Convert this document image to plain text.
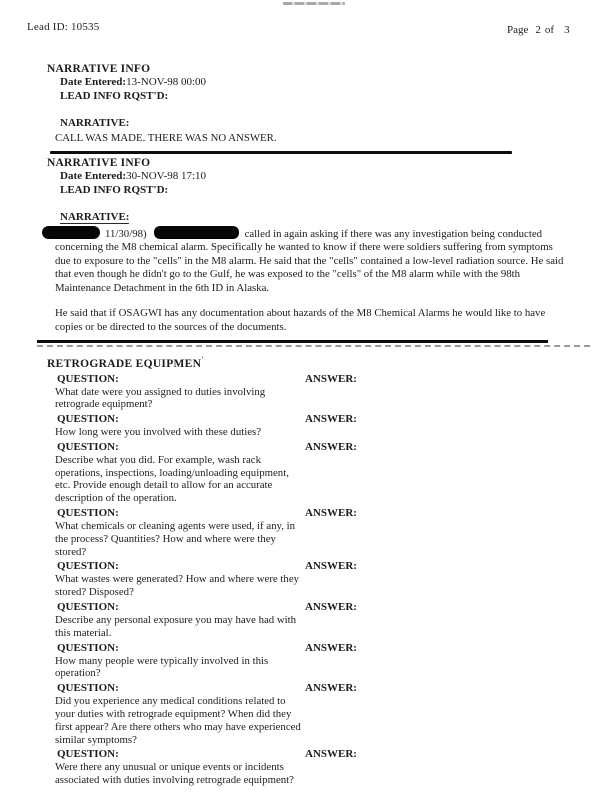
Lead ID: 10535	Page 2 of 3
NARRATIVE INFO
Date Entered:13-NOV-98 00:00
LEAD INFO RQST'D:
NARRATIVE:
CALL WAS MADE. THERE WAS NO ANSWER.
NARRATIVE INFO
Date Entered:30-NOV-98 17:10
LEAD INFO RQST'D:
NARRATIVE:
11/30/98)	called in again asking if there was any investigation being conducted concerning the M8 chemical alarm. Specifically he wanted to know if there were soldiers suffering from symptoms due to exposure to the "cells" in the M8 alarm. He said that the "cells" contained a low-level radiation source. He said that even though he didn't go to the Gulf, he was exposed to the "cells" of the M8 alarm while with the 98th Maintenance Detachment in the 6th ID in Alaska.
He said that if OSAGWI has any documentation about hazards of the M8 Chemical Alarms he would like to have copies or be directed to the sources of the documents.
RETROGRADE EQUIPMEN'
QUESTION:
What date were you assigned to duties involving retrograde equipment?
ANSWER:
QUESTION:
How long were you involved with these duties?
ANSWER:
QUESTION:
Describe what you did. For example, wash rack operations, inspections, loading/unloading equipment, etc. Provide enough detail to allow for an accurate description of the operation.
ANSWER:
QUESTION:
What chemicals or cleaning agents were used, if any, in the process? Quantities? How and where were they stored?
ANSWER:
QUESTION:
What wastes were generated? How and where were they stored? Disposed?
ANSWER:
QUESTION:
Describe any personal exposure you may have had with this material.
ANSWER:
QUESTION:
How many people were typically involved in this operation?
ANSWER:
QUESTION:
Did you experience any medical conditions related to your duties with retrograde equipment? When did they first appear? Are there others who may have experienced similar symptoms?
ANSWER:
QUESTION:
Were there any unusual or unique events or incidents associated with duties involving retrograde equipment?
ANSWER:
